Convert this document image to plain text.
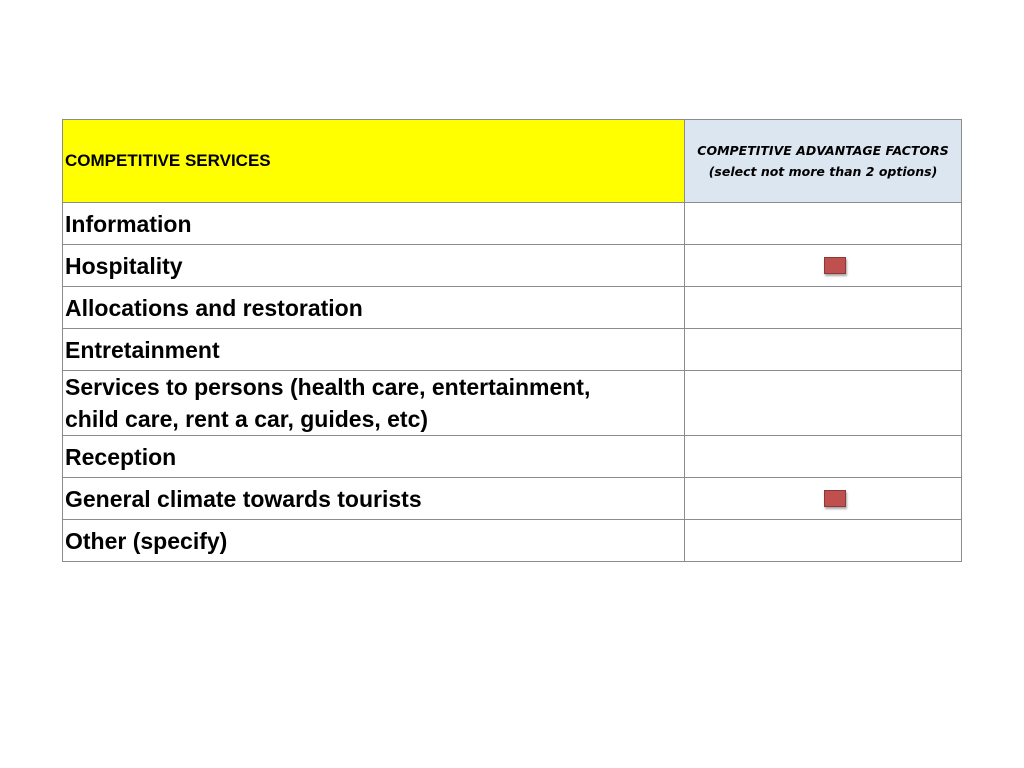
COMPETITIVE SERVICES	COMPETITIVE ADVANTAGE FACTORS
(select not more than 2 options)

Information	
Hospitality	
Allocations and restoration	
Entretainment	

Services to persons (health care, entertainment,
child care, rent a car, guides, etc)	

Reception	
General climate towards tourists	
Other (specify)	
